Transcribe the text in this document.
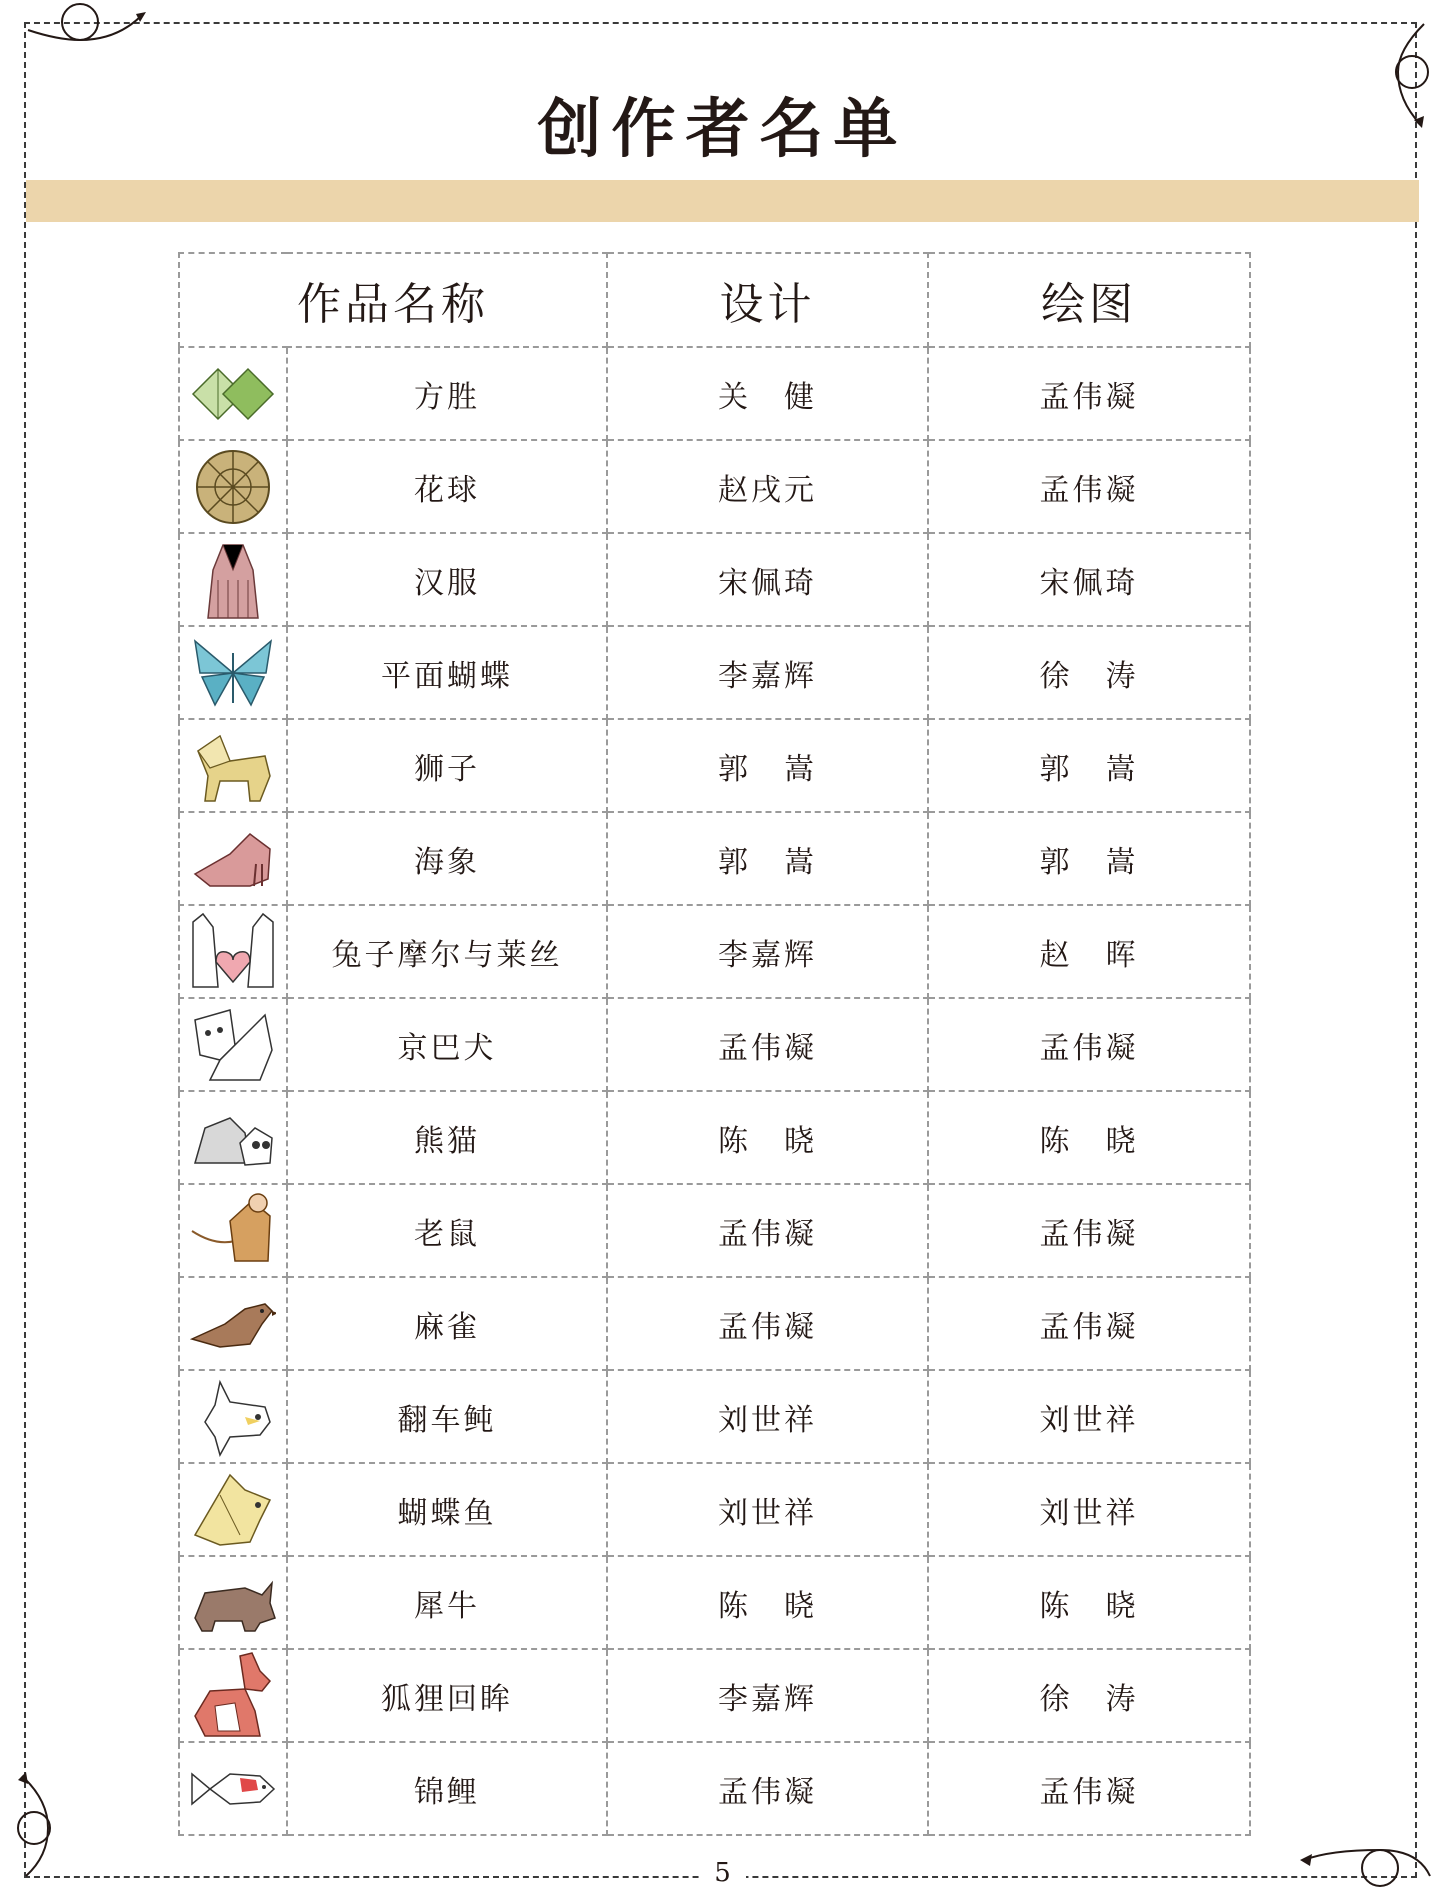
创作者名单
作品名称		设计	绘图

	方胜	关　健	孟伟凝

	花球	赵戌元	孟伟凝

	汉服	宋佩琦	宋佩琦

	平面蝴蝶	李嘉辉	徐　涛

	狮子	郭　嵩	郭　嵩

	海象	郭　嵩	郭　嵩

	兔子摩尔与莱丝	李嘉辉	赵　晖

	京巴犬	孟伟凝	孟伟凝

	熊猫	陈　晓	陈　晓

	老鼠	孟伟凝	孟伟凝

	麻雀	孟伟凝	孟伟凝

	翻车鲀	刘世祥	刘世祥

	蝴蝶鱼	刘世祥	刘世祥

	犀牛	陈　晓	陈　晓

	狐狸回眸	李嘉辉	徐　涛

	锦鲤	孟伟凝	孟伟凝
5
